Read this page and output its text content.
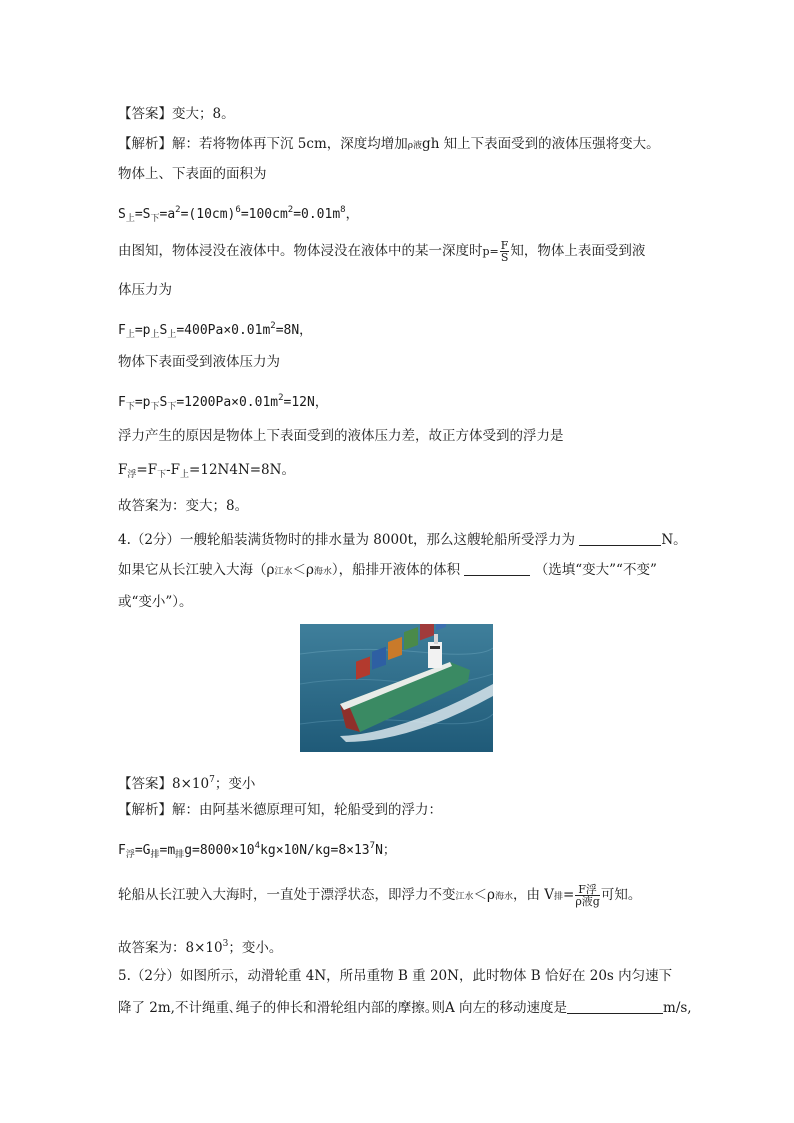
【答案】变大；8。
【解析】解：若将物体再下沉 5cm，深度均增加ρ液gh 知上下表面受到的液体压强将变大。
物体上、下表面的面积为
$S_上=S_下=a^2=(10cm)^6=100cm^2=0.01m^8$，
由图知，物体浸没在液体中。物体浸没在液体中的某一深度时$p= \frac{F}{S}$ 知，物体上表面受到液
体压力为
$F_上=p_上S_上=400Pa\times 0.01m^2=8N$，
物体下表面受到液体压力为
$F_下=p_下S_下=1200Pa\times 0.01m^2=12N$，
浮力产生的原因是物体上下表面受到的液体压力差，故正方体受到的浮力是
$F_浮=F_下-F_上=12N4N=8N$。
故答案为：变大；8。
4.（2分）一艘轮船装满货物时的排水量为 8000t，那么这艘轮船所受浮力为	N。
如果它从长江驶入大海（ρ江水＜ρ海水），船排开液体的体积	（选填“变大”“不变”
或“变小”）。
【答案】$8\times 10^7$；变小
【解析】解：由阿基米德原理可知，轮船受到的浮力：
$F_浮=G_排=m_排g=8000\times 10^4kg\times 10N/kg=8\times 13^7N$；
轮船从长江驶入大海时，一直处于漂浮状态，即浮力不变江水＜ρ海水，由 V排= $\frac{\text{F浮}}{\text{ρ液g}}$ 可知。
故答案为：$8\times 10^3$；变小。
5.（2分）如图所示，动滑轮重 4N，所吊重物 B 重 20N，此时物体 B 恰好在 20s 内匀速下
降了 2m,不计绳重､绳子的伸长和滑轮组内部的摩擦｡则A 向左的移动速度是	m/s,
